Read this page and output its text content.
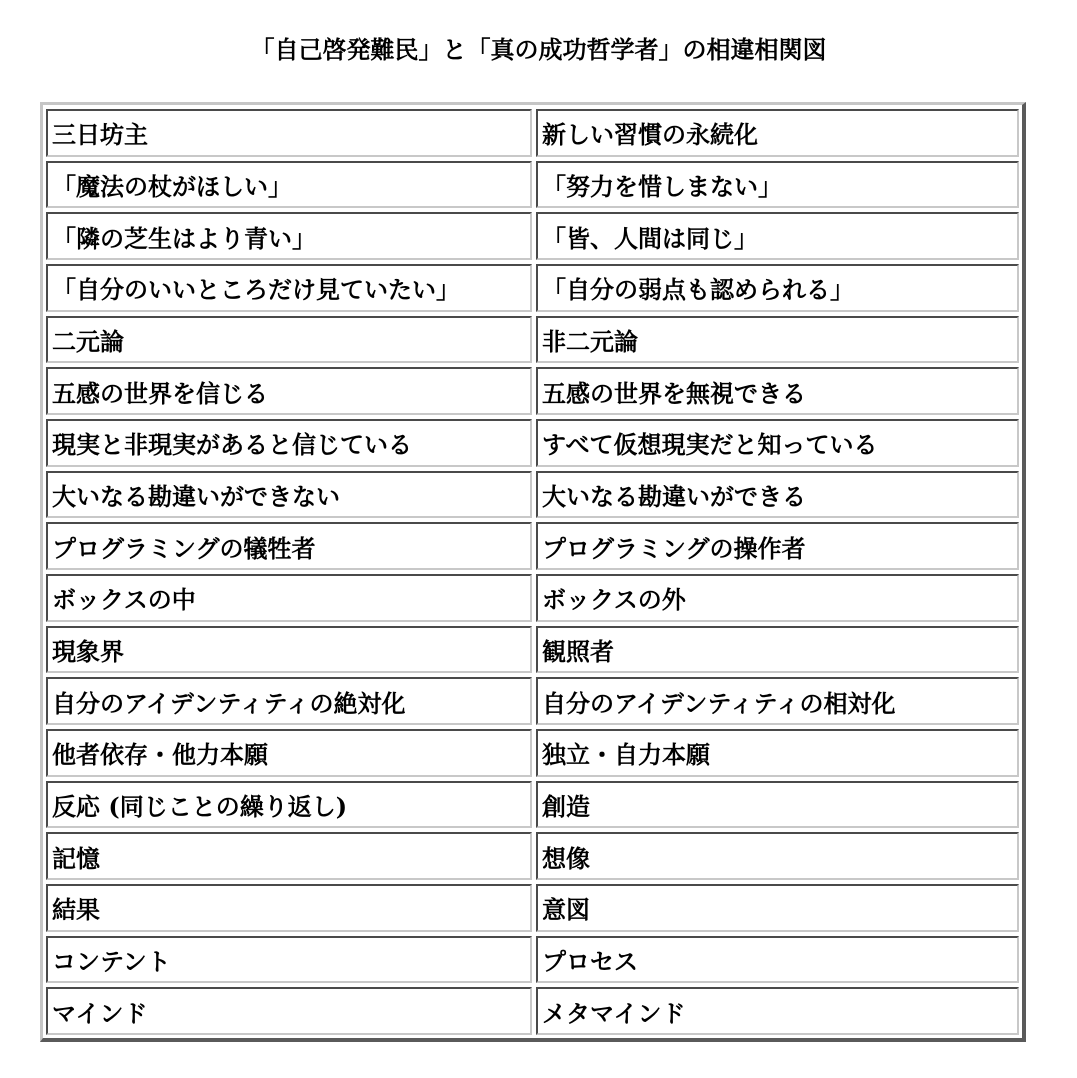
「自己啓発難民」と「真の成功哲学者」の相違相関図
三日坊主	新しい習慣の永続化
「魔法の杖がほしい」	「努力を惜しまない」
「隣の芝生はより青い」	「皆、人間は同じ」
「自分のいいところだけ見ていたい」	「自分の弱点も認められる」
二元論	非二元論
五感の世界を信じる	五感の世界を無視できる
現実と非現実があると信じている	すべて仮想現実だと知っている
大いなる勘違いができない	大いなる勘違いができる
プログラミングの犠牲者	プログラミングの操作者
ボックスの中	ボックスの外
現象界	観照者
自分のアイデンティティの絶対化	自分のアイデンティティの相対化
他者依存・他力本願	独立・自力本願
反応 (同じことの繰り返し)	創造
記憶	想像
結果	意図
コンテント	プロセス
マインド	メタマインド
